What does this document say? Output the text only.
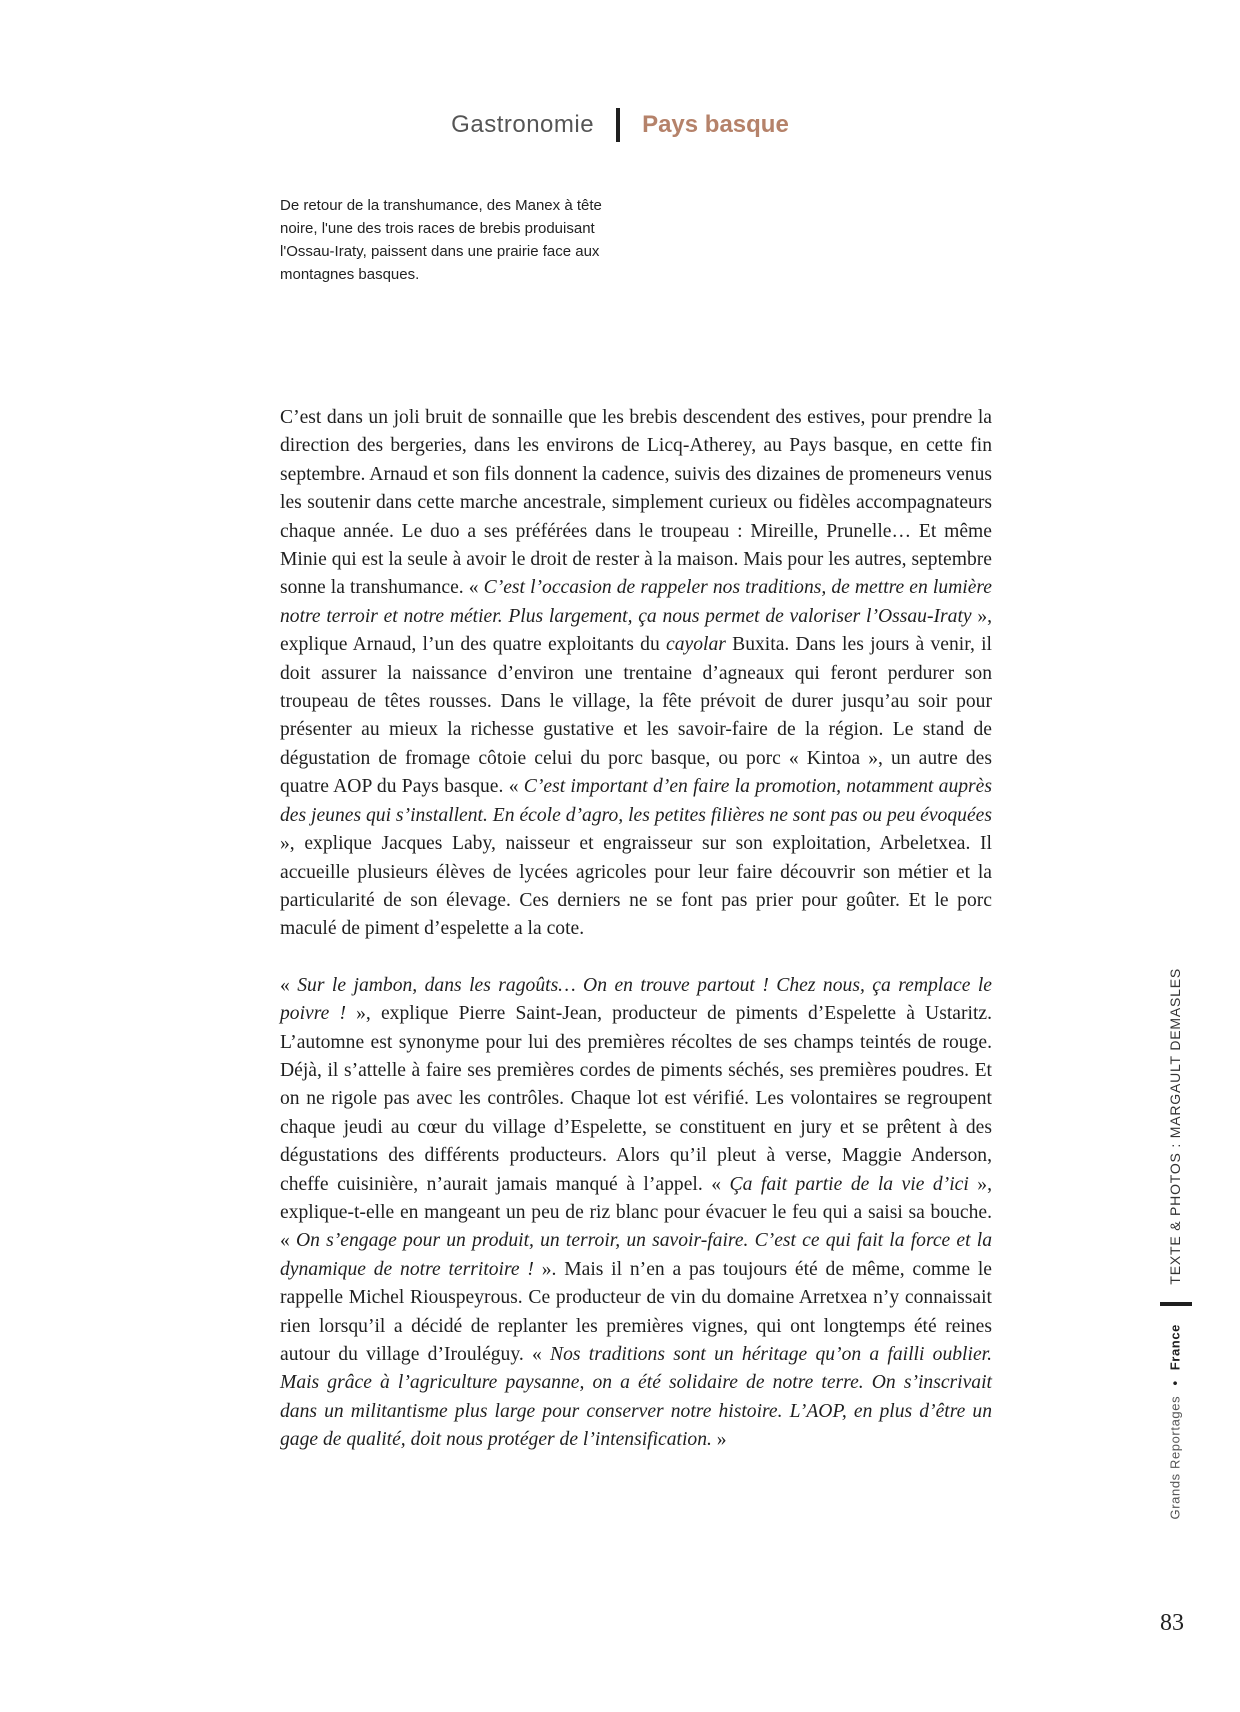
Gastronomie Pays basque
De retour de la transhumance, des Manex à tête noire, l'une des trois races de brebis produisant l'Ossau-Iraty, paissent dans une prairie face aux montagnes basques.

C’est dans un joli bruit de sonnaille que les brebis descendent des estives, pour prendre la direction des bergeries, dans les environs de Licq-Atherey, au Pays basque, en cette fin septembre. Arnaud et son fils donnent la cadence, suivis des dizaines de promeneurs venus les soutenir dans cette marche ancestrale, simplement curieux ou fidèles accompagnateurs chaque année. Le duo a ses préférées dans le troupeau : Mireille, Prunelle… Et même Minie qui est la seule à avoir le droit de rester à la maison. Mais pour les autres, septembre sonne la transhumance. « C’est l’occasion de rappeler nos traditions, de mettre en lumière notre terroir et notre métier. Plus largement, ça nous permet de valoriser l’Ossau-Iraty », explique Arnaud, l’un des quatre exploitants du cayolar Buxita. Dans les jours à venir, il doit assurer la naissance d’environ une trentaine d’agneaux qui feront perdurer son troupeau de têtes rousses. Dans le village, la fête prévoit de durer jusqu’au soir pour présenter au mieux la richesse gustative et les savoir-faire de la région. Le stand de dégustation de fromage côtoie celui du porc basque, ou porc « Kintoa », un autre des quatre AOP du Pays basque. « C’est important d’en faire la promotion, notamment auprès des jeunes qui s’installent. En école d’agro, les petites filières ne sont pas ou peu évoquées », explique Jacques Laby, naisseur et engraisseur sur son exploitation, Arbeletxea. Il accueille plusieurs élèves de lycées agricoles pour leur faire découvrir son métier et la particularité de son élevage. Ces derniers ne se font pas prier pour goûter. Et le porc maculé de piment d’espelette a la cote.

« Sur le jambon, dans les ragoûts… On en trouve partout ! Chez nous, ça remplace le poivre ! », explique Pierre Saint-Jean, producteur de piments d’Espelette à Ustaritz. L’automne est synonyme pour lui des premières récoltes de ses champs teintés de rouge. Déjà, il s’attelle à faire ses premières cordes de piments séchés, ses premières poudres. Et on ne rigole pas avec les contrôles. Chaque lot est vérifié. Les volontaires se regroupent chaque jeudi au cœur du village d’Espelette, se constituent en jury et se prêtent à des dégustations des différents producteurs. Alors qu’il pleut à verse, Maggie Anderson, cheffe cuisinière, n’aurait jamais manqué à l’appel. « Ça fait partie de la vie d’ici », explique-t-elle en mangeant un peu de riz blanc pour évacuer le feu qui a saisi sa bouche. « On s’engage pour un produit, un terroir, un savoir-faire. C’est ce qui fait la force et la dynamique de notre territoire ! ». Mais il n’en a pas toujours été de même, comme le rappelle Michel Riouspeyrous. Ce producteur de vin du domaine Arretxea n’y connaissait rien lorsqu’il a décidé de replanter les premières vignes, qui ont longtemps été reines autour du village d’Irouléguy. « Nos traditions sont un héritage qu’on a failli oublier. Mais grâce à l’agriculture paysanne, on a été solidaire de notre terre. On s’inscrivait dans un militantisme plus large pour conserver notre histoire. L’AOP, en plus d’être un gage de qualité, doit nous protéger de l’intensification. »

TEXTE & PHOTOS : MARGAULT DEMASLES
Grands Reportages • France
83
